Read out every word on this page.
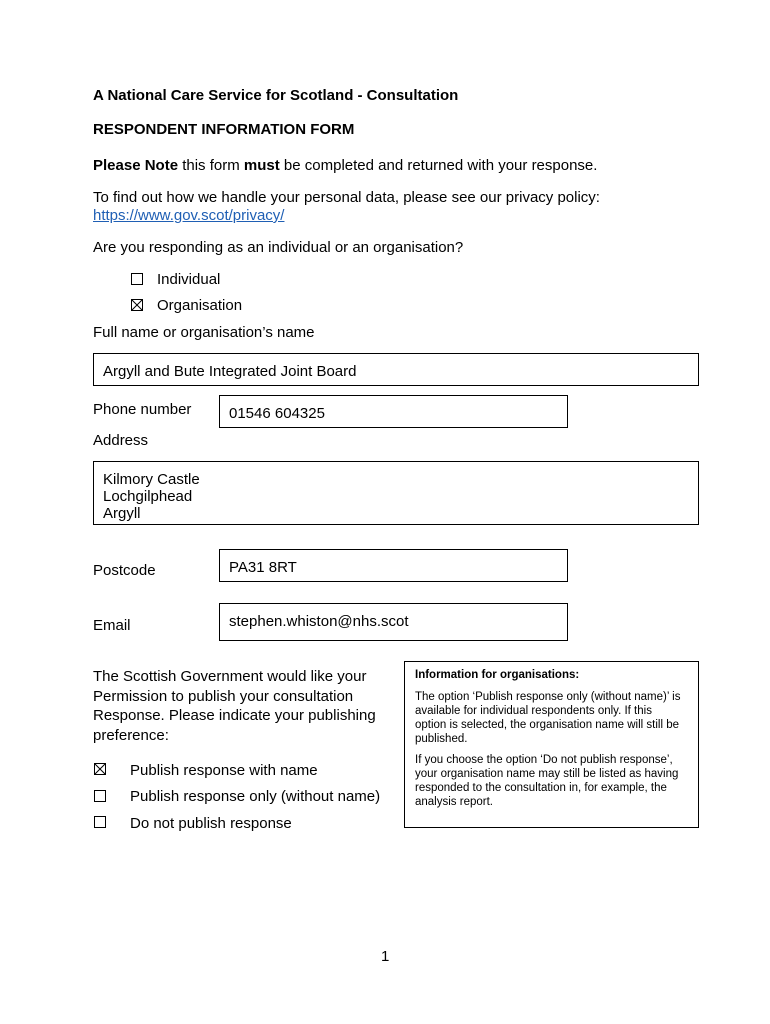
A National Care Service for Scotland - Consultation
RESPONDENT INFORMATION FORM
Please Note this form must be completed and returned with your response.
To find out how we handle your personal data, please see our privacy policy:
https://www.gov.scot/privacy/
Are you responding as an individual or an organisation?
Individual
Organisation
Full name or organisation’s name
Argyll and Bute Integrated Joint Board
Phone number	01546 604325
Address
Kilmory Castle
Lochgilphead
Argyll
Postcode	PA31 8RT
Email	stephen.whiston@nhs.scot
The Scottish Government would like your
Permission to publish your consultation
Response. Please indicate your publishing
preference:
Publish response with name
Publish response only (without name)
Do not publish response

Information for organisations:

The option ‘Publish response only (without name)’ is available for individual respondents only. If this option is selected, the organisation name will still be published.

If you choose the option ‘Do not publish response’, your organisation name may still be listed as having responded to the consultation in, for example, the analysis report.

1
